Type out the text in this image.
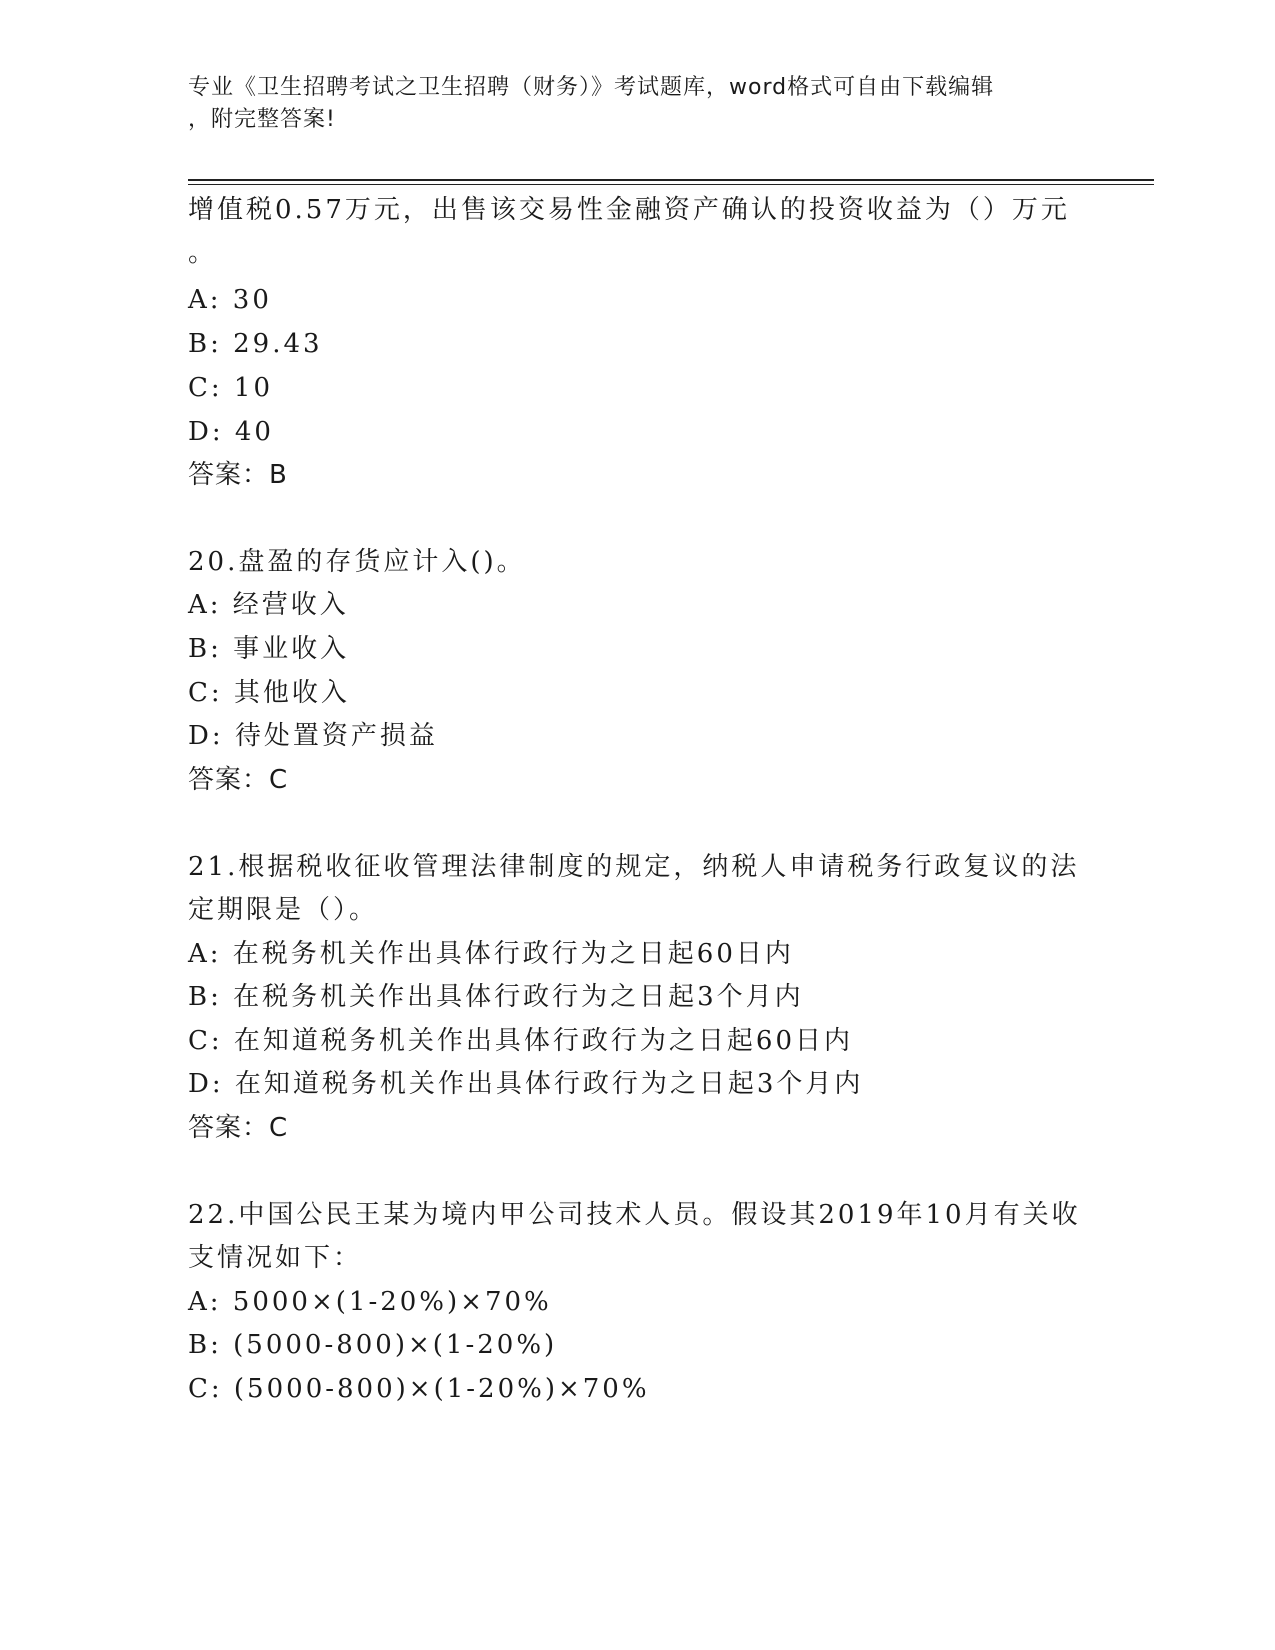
专业《卫生招聘考试之卫生招聘（财务）》考试题库，word格式可自由下载编辑
，附完整答案!
增值税0.57万元，出售该交易性金融资产确认的投资收益为（）万元
。
A: 30
B: 29.43
C: 10
D: 40
答案：B
20.盘盈的存货应计入()。
A: 经营收入
B: 事业收入
C: 其他收入
D: 待处置资产损益
答案：C
21.根据税收征收管理法律制度的规定，纳税人申请税务行政复议的法
定期限是（）。
A: 在税务机关作出具体行政行为之日起60日内
B: 在税务机关作出具体行政行为之日起3个月内
C: 在知道税务机关作出具体行政行为之日起60日内
D: 在知道税务机关作出具体行政行为之日起3个月内
答案：C
22.中国公民王某为境内甲公司技术人员。假设其2019年10月有关收
支情况如下：
A: 5000×(1-20%)×70%
B: (5000-800)×(1-20%)
C: (5000-800)×(1-20%)×70%
